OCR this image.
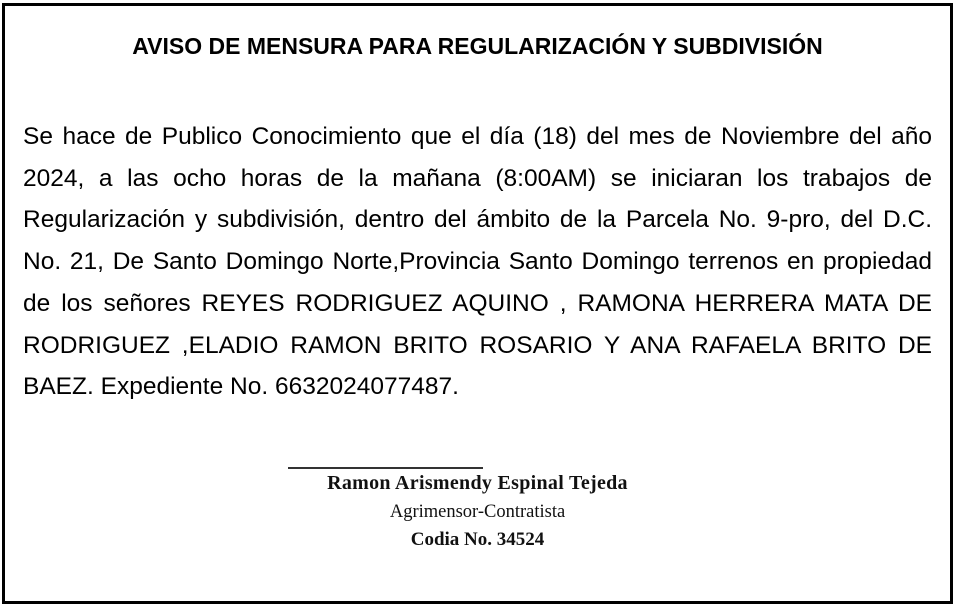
AVISO DE MENSURA PARA REGULARIZACIÓN Y SUBDIVISIÓN
Se hace de Publico Conocimiento que el día (18) del mes de Noviembre del año 2024, a las ocho horas de la mañana (8:00AM) se iniciaran los trabajos de Regularización y subdivisión, dentro del ámbito de la Parcela No. 9-pro, del D.C. No. 21, De Santo Domingo Norte,Provincia Santo Domingo terrenos en propiedad de los señores REYES RODRIGUEZ AQUINO , RAMONA HERRERA MATA DE RODRIGUEZ ,ELADIO RAMON BRITO ROSARIO Y ANA RAFAELA BRITO DE BAEZ. Expediente No. 6632024077487.
Ramon Arismendy Espinal Tejeda
Agrimensor-Contratista
Codia No. 34524
